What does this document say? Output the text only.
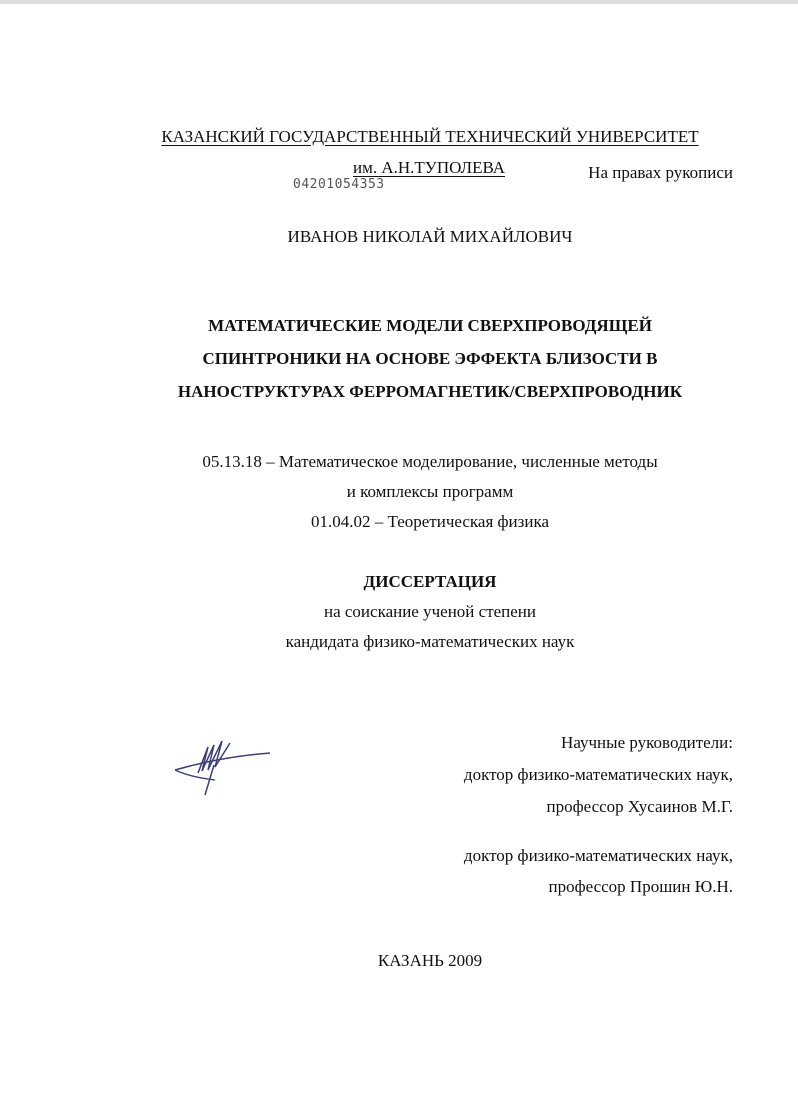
КАЗАНСКИЙ ГОСУДАРСТВЕННЫЙ ТЕХНИЧЕСКИЙ УНИВЕРСИТЕТ
им. А.Н.ТУПОЛЕВА	На правах рукописи
04201054353
ИВАНОВ НИКОЛАЙ МИХАЙЛОВИЧ
МАТЕМАТИЧЕСКИЕ МОДЕЛИ СВЕРХПРОВОДЯЩЕЙ
СПИНТРОНИКИ НА ОСНОВЕ ЭФФЕКТА БЛИЗОСТИ В
НАНОСТРУКТУРАХ ФЕРРОМАГНЕТИК/СВЕРХПРОВОДНИК
05.13.18 – Математическое моделирование, численные методы
и комплексы программ
01.04.02 – Теоретическая физика
ДИССЕРТАЦИЯ
на соискание ученой степени
кандидата физико-математических наук
Научные руководители:
доктор физико-математических наук,
профессор Хусаинов М.Г.
доктор физико-математических наук,
профессор Прошин Ю.Н.
КАЗАНЬ 2009
